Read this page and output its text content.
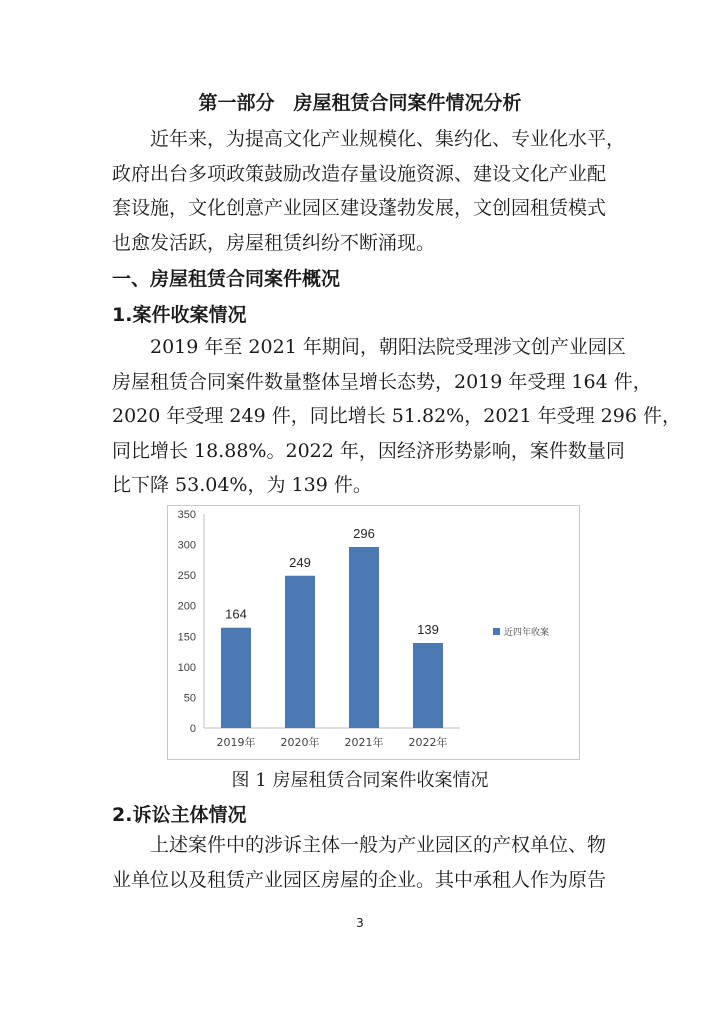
第一部分　房屋租赁合同案件情况分析
近年来，为提高文化产业规模化、集约化、专业化水平，
政府出台多项政策鼓励改造存量设施资源、建设文化产业配
套设施，文化创意产业园区建设蓬勃发展，文创园租赁模式
也愈发活跃，房屋租赁纠纷不断涌现。
一、房屋租赁合同案件概况
1.案件收案情况
2019 年至 2021 年期间，朝阳法院受理涉文创产业园区
房屋租赁合同案件数量整体呈增长态势，2019 年受理 164 件，
2020 年受理 249 件，同比增长 51.82%，2021 年受理 296 件，
同比增长 18.88%。2022 年，因经济形势影响，案件数量同
比下降 53.04%，为 139 件。
0
50
100
150
200
250
300
350
164
2019年
249
2020年
296
2021年
139
2022年
近四年收案
图 1 房屋租赁合同案件收案情况
2.诉讼主体情况
上述案件中的涉诉主体一般为产业园区的产权单位、物
业单位以及租赁产业园区房屋的企业。其中承租人作为原告
3
